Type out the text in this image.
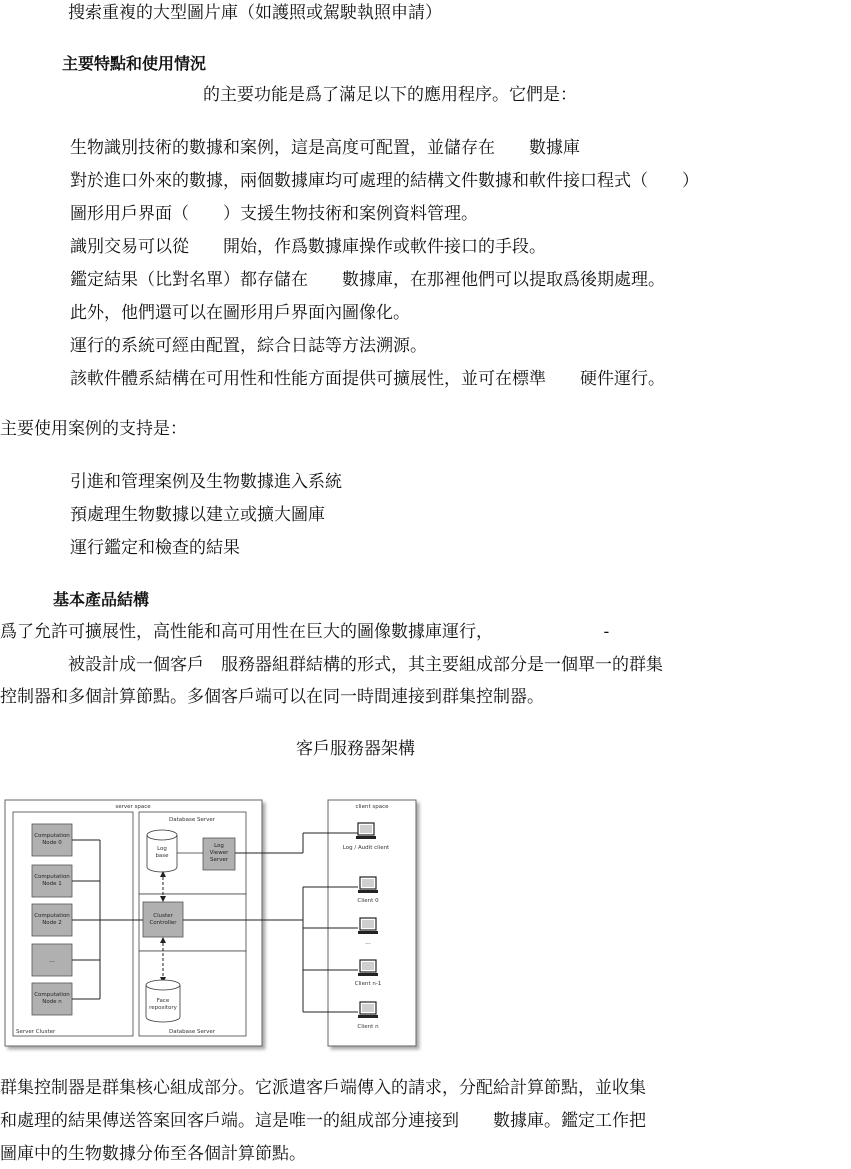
搜索重複的大型圖片庫（如護照或駕駛執照申請）
主要特點和使用情況
的主要功能是爲了滿足以下的應用程序。它們是：
生物識別技術的數據和案例，這是高度可配置，並儲存在　　數據庫
對於進口外來的數據，兩個數據庫均可處理的結構文件數據和軟件接口程式（　　）
圖形用戶界面（　　）支援生物技術和案例資料管理。
識別交易可以從　　開始，作爲數據庫操作或軟件接口的手段。
鑑定結果（比對名單）都存儲在　　數據庫，在那裡他們可以提取爲後期處理。
此外，他們還可以在圖形用戶界面內圖像化。
運行的系統可經由配置，綜合日誌等方法溯源。
該軟件體系結構在可用性和性能方面提供可擴展性，並可在標準　　硬件運行。
主要使用案例的支持是：
引進和管理案例及生物數據進入系統
預處理生物數據以建立或擴大圖庫
運行鑑定和檢查的結果
基本產品結構
爲了允許可擴展性，高性能和高可用性在巨大的圖像數據庫運行，　　　　　　　-
　　　　被設計成一個客戶　服務器組群結構的形式，其主要組成部分是一個單一的群集
控制器和多個計算節點。多個客戶端可以在同一時間連接到群集控制器。
客戶服務器架構
server space	client space
Server Cluster
Database Server
Database Server
Log
base
Log
Viewer
Server
Cluster
Controller
Face
repository
Computation
Node 0
Computation
Node 1
Computation
Node 2
...
Computation
Node n
Log / Audit client
Client 0
...
Client n-1
Client n
群集控制器是群集核心組成部分。它派遣客戶端傳入的請求，分配給計算節點，並收集
和處理的結果傳送答案回客戶端。這是唯一的組成部分連接到　　數據庫。鑑定工作把
圖庫中的生物數據分佈至各個計算節點。
